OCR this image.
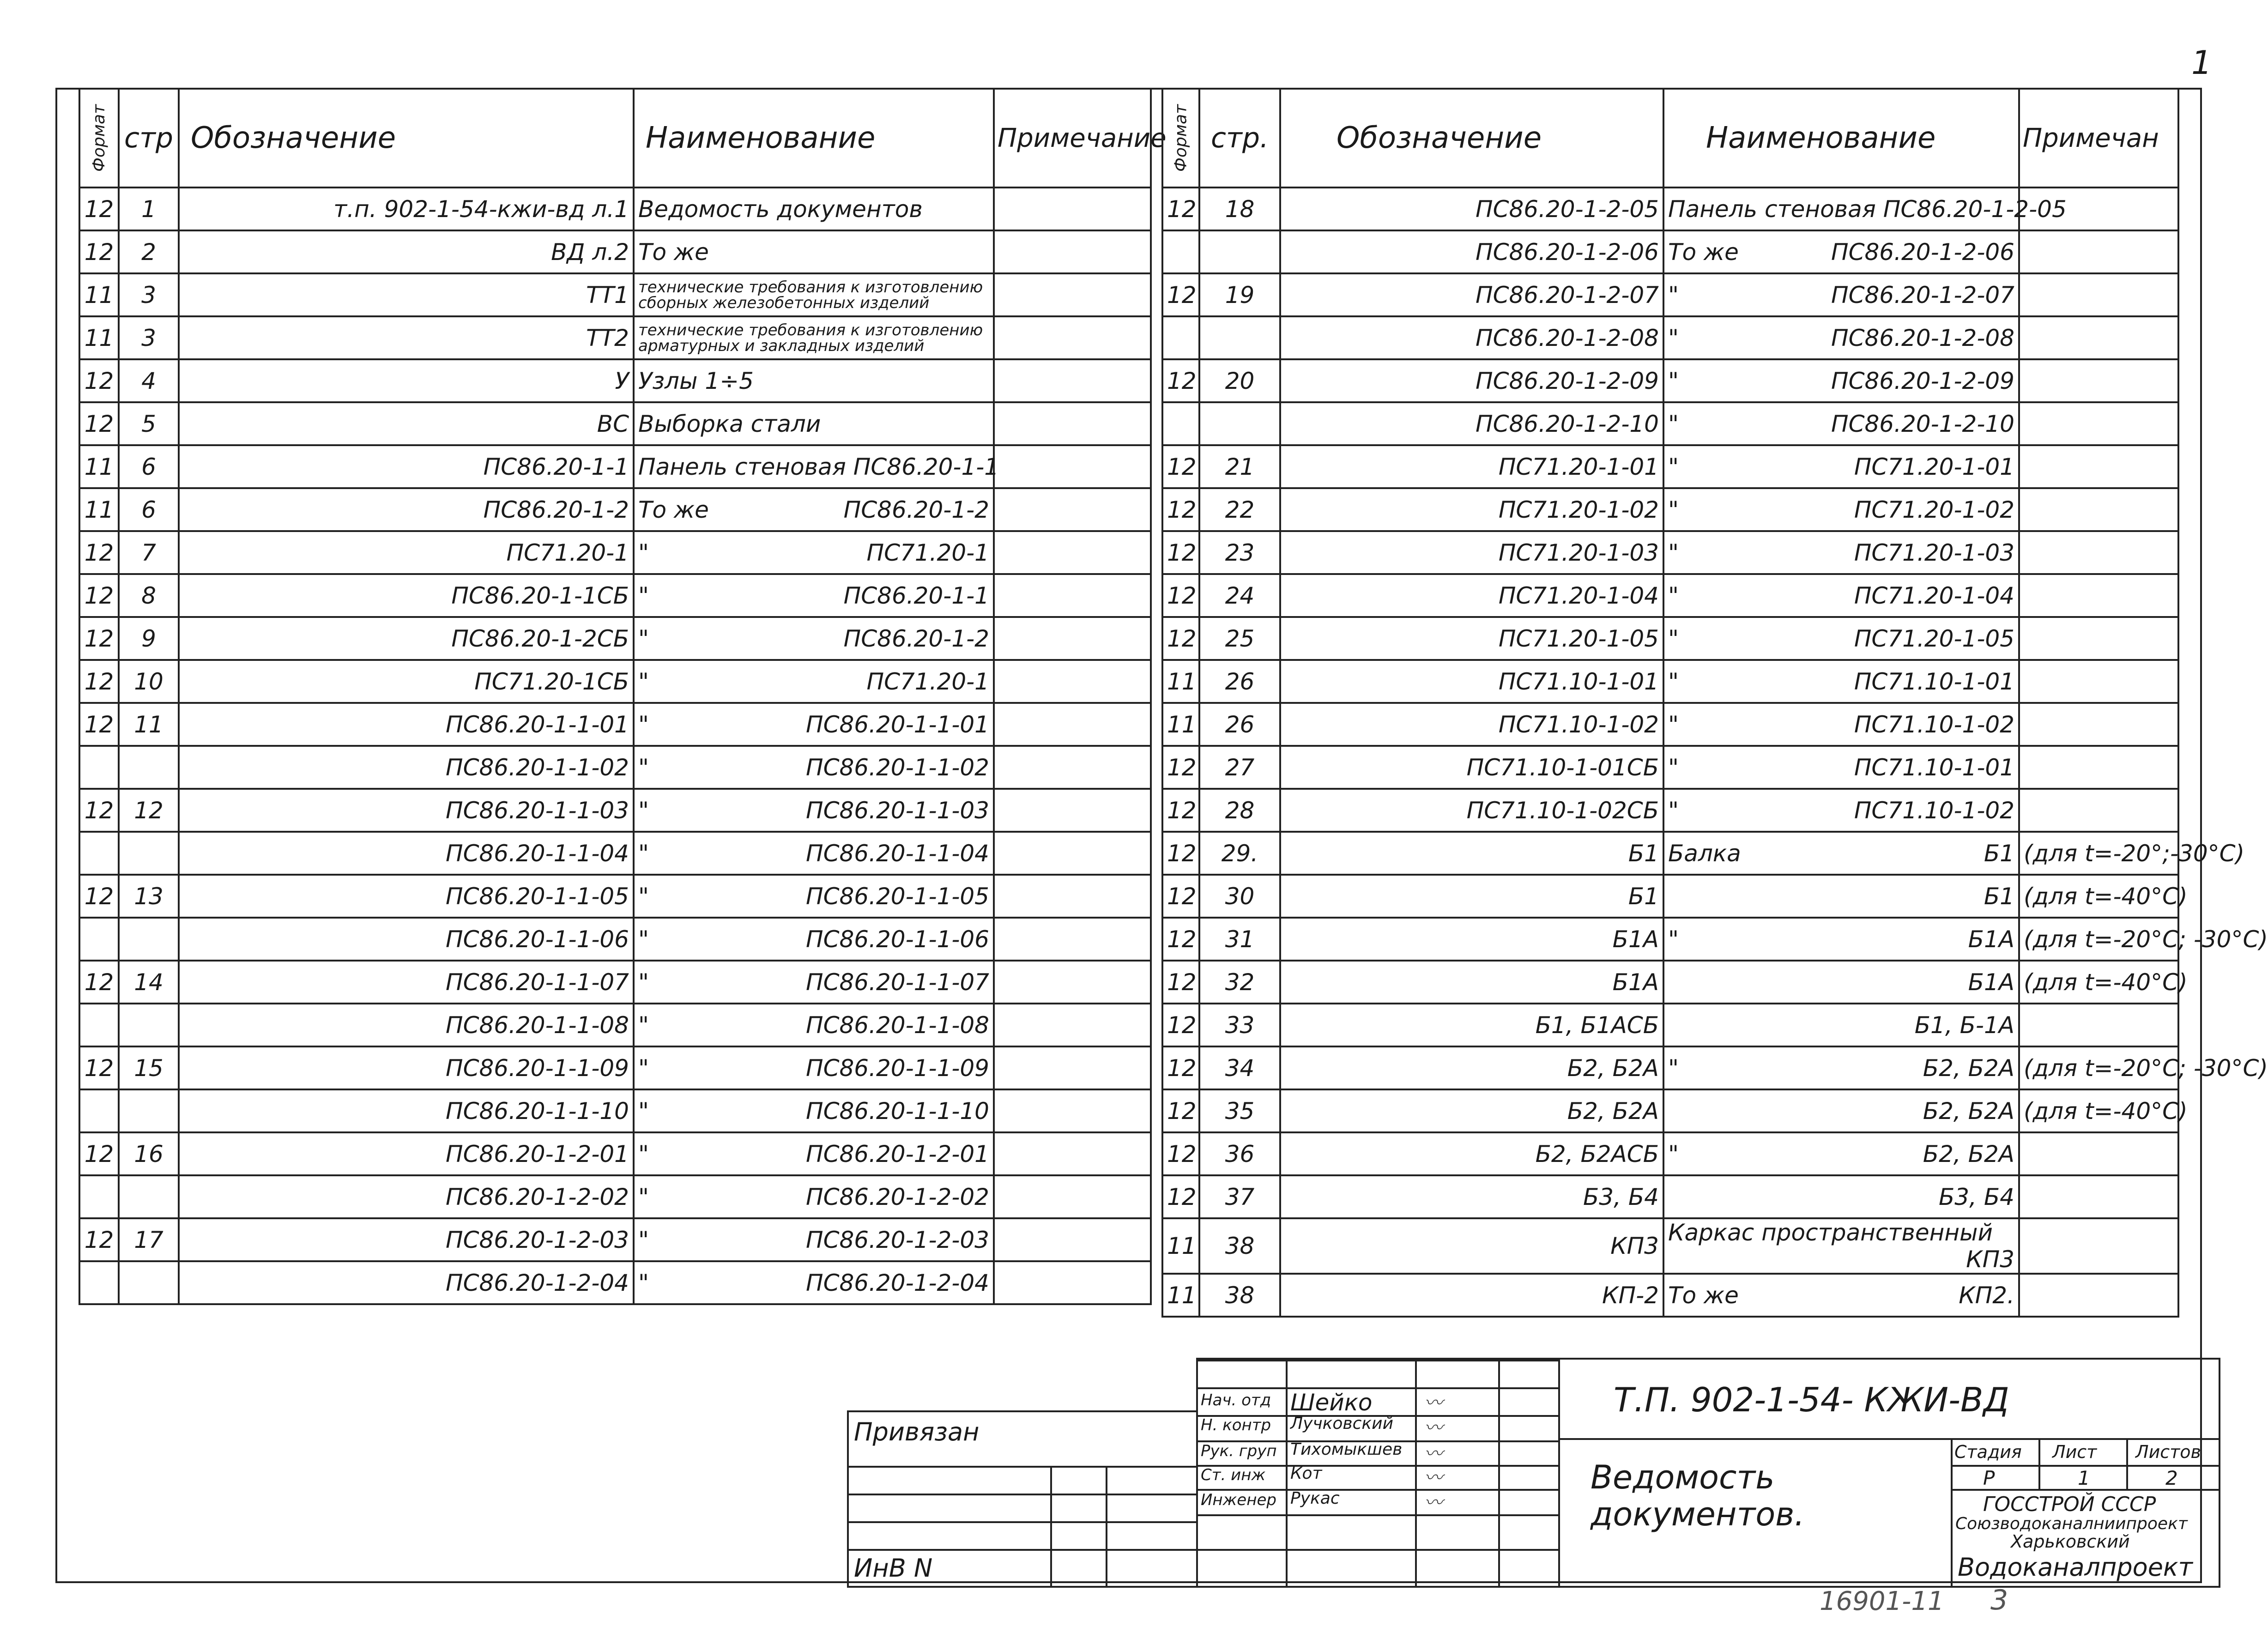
1
Формат	стр	Обозначение	Наименование	Примечание
12	1	т.п. 902-1-54-кжи-вд л.1	Ведомость документов

12	2	ВД л.2	То же

11	3	ТТ1	технические требования к изготовлению сборных железобетонных изделий

11	3	ТТ2	технические требования к изготовлению арматурных и закладных изделий

12	4	У	Узлы 1÷5

12	5	ВС	Выборка стали

11	6	ПС86.20-1-1	Панель стеновая ПС86.20-1-1

11	6	ПС86.20-1-2	То же ПС86.20-1-2	

12	7	ПС71.20-1	" ПС71.20-1	

12	8	ПС86.20-1-1СБ	" ПС86.20-1-1	

12	9	ПС86.20-1-2СБ	" ПС86.20-1-2	

12	10	ПС71.20-1СБ	" ПС71.20-1	

12	11	ПС86.20-1-1-01	" ПС86.20-1-1-01	

		ПС86.20-1-1-02	" ПС86.20-1-1-02	

12	12	ПС86.20-1-1-03	" ПС86.20-1-1-03	

		ПС86.20-1-1-04	" ПС86.20-1-1-04	

12	13	ПС86.20-1-1-05	" ПС86.20-1-1-05	

		ПС86.20-1-1-06	" ПС86.20-1-1-06	

12	14	ПС86.20-1-1-07	" ПС86.20-1-1-07	

		ПС86.20-1-1-08	" ПС86.20-1-1-08	

12	15	ПС86.20-1-1-09	" ПС86.20-1-1-09	

		ПС86.20-1-1-10	" ПС86.20-1-1-10	

12	16	ПС86.20-1-2-01	" ПС86.20-1-2-01	

		ПС86.20-1-2-02	" ПС86.20-1-2-02	

12	17	ПС86.20-1-2-03	" ПС86.20-1-2-03	

		ПС86.20-1-2-04	" ПС86.20-1-2-04	

Формат	стр.	Обозначение	Наименование	Примечан
12	18	ПС86.20-1-2-05	Панель стеновая ПС86.20-1-2-05

		ПС86.20-1-2-06	То же ПС86.20-1-2-06	

12	19	ПС86.20-1-2-07	" ПС86.20-1-2-07	

		ПС86.20-1-2-08	" ПС86.20-1-2-08	

12	20	ПС86.20-1-2-09	" ПС86.20-1-2-09	

		ПС86.20-1-2-10	" ПС86.20-1-2-10	

12	21	ПС71.20-1-01	" ПС71.20-1-01	

12	22	ПС71.20-1-02	" ПС71.20-1-02	

12	23	ПС71.20-1-03	" ПС71.20-1-03	

12	24	ПС71.20-1-04	" ПС71.20-1-04	

12	25	ПС71.20-1-05	" ПС71.20-1-05	

11	26	ПС71.10-1-01	" ПС71.10-1-01	

11	26	ПС71.10-1-02	" ПС71.10-1-02	

12	27	ПС71.10-1-01СБ	" ПС71.10-1-01	

12	28	ПС71.10-1-02СБ	" ПС71.10-1-02	

12	29.	Б1	Балка Б1	(для t=-20°;-30°C)
12	30	Б1	Б1	(для t=-40°C)
12	31	Б1А	" Б1А	(для t=-20°C; -30°C)
12	32	Б1А	Б1А	(для t=-40°C)
12	33	Б1, Б1АСБ	Б1, Б-1А	

12	34	Б2, Б2А	" Б2, Б2А	(для t=-20°C; -30°C)
12	35	Б2, Б2А	Б2, Б2А	(для t=-40°C)
12	36	Б2, Б2АСБ	" Б2, Б2А	

12	37	Б3, Б4	Б3, Б4	

11	38	КП3	Каркас пространственный
КП3	

11	38	КП-2	То же КП2.	

Привязан
ИнВ N
Нач. отд Шейко	〰
Н. контр Лучковский 〰
Рук. груп Тихомыкшев 〰
Ст. инж Кот	〰
Инженер Рукас	〰
Т.П. 902-1-54- КЖИ-ВД
Ведомость документов.
Стадия Лист Листов
Р	1	2
ГОССТРОЙ СССР
Союзводоканалниипроект
Харьковский
Водоканалпроект
16901-11 3
